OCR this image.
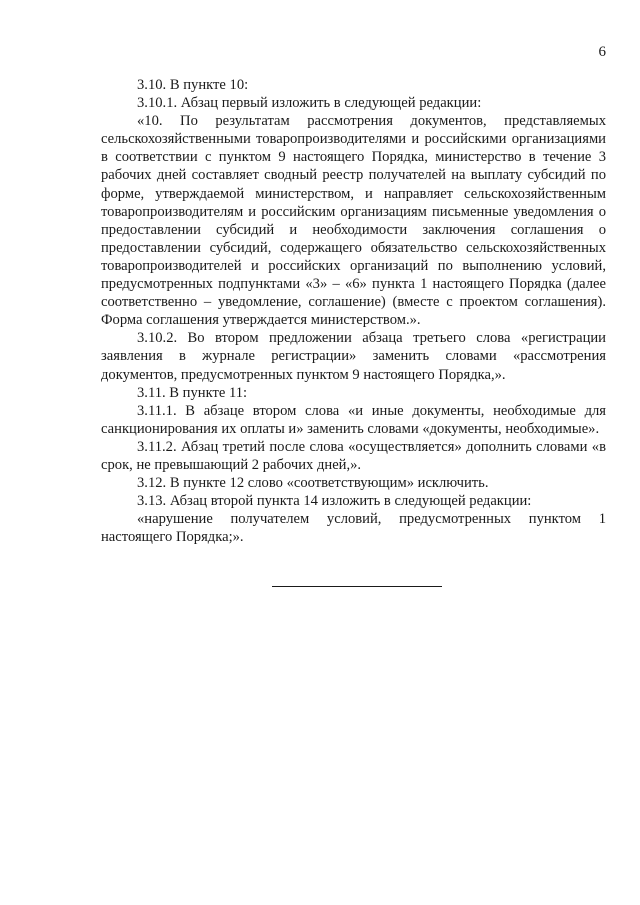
6

3.10. В пункте 10:

3.10.1. Абзац первый изложить в следующей редакции:

«10. По результатам рассмотрения документов, представляемых сельскохозяйственными товаропроизводителями и российскими организациями в соответствии с пунктом 9 настоящего Порядка, министерство в течение 3 рабочих дней составляет сводный реестр получателей на выплату субсидий по форме, утверждаемой министерством, и направляет сельскохозяйственным товаропроизводителям и российским организациям письменные уведомления о предоставлении субсидий и необходимости заключения соглашения о предоставлении субсидий, содержащего обязательство сельскохозяйственных товаропроизводителей и российских организаций по выполнению условий, предусмотренных подпунктами «3» – «6» пункта 1 настоящего Порядка (далее соответственно – уведомление, соглашение) (вместе с проектом соглашения). Форма соглашения утверждается министерством.».

3.10.2. Во втором предложении абзаца третьего слова «регистрации заявления в журнале регистрации» заменить словами «рассмотрения документов, предусмотренных пунктом 9 настоящего Порядка,».

3.11. В пункте 11:

3.11.1. В абзаце втором слова «и иные документы, необходимые для санкционирования их оплаты и» заменить словами «документы, необходимые».

3.11.2. Абзац третий после слова «осуществляется» дополнить словами «в срок, не превышающий 2 рабочих дней,».

3.12. В пункте 12 слово «соответствующим» исключить.

3.13. Абзац второй пункта 14 изложить в следующей редакции:

«нарушение получателем условий, предусмотренных пунктом 1 настоящего Порядка;».
